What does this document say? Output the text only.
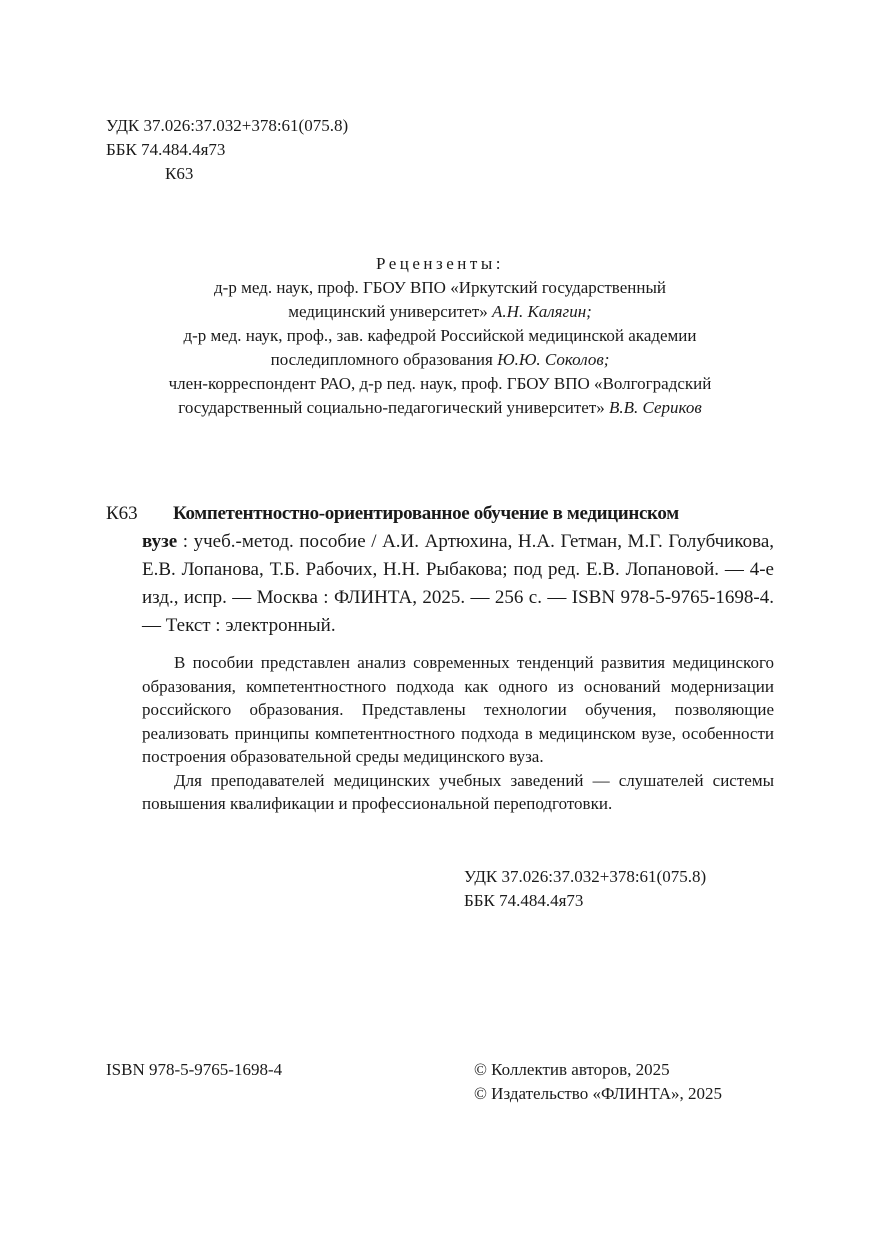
УДК 37.026:37.032+378:61(075.8)
ББК 74.484.4я73
К63
Рецензенты:
д-р мед. наук, проф. ГБОУ ВПО «Иркутский государственный
медицинский университет» А.Н. Калягин;
д-р мед. наук, проф., зав. кафедрой Российской медицинской академии
последипломного образования Ю.Ю. Соколов;
член-корреспондент РАО, д-р пед. наук, проф. ГБОУ ВПО «Волгоградский
государственный социально-педагогический университет» В.В. Сериков
К63	Компетентностно-ориентированное обучение в медицинском
вузе : учеб.-метод. пособие / А.И. Артюхина, Н.А. Гетман, М.Г. Голубчикова, Е.В. Лопанова, Т.Б. Рабочих, Н.Н. Рыбакова; под ред. Е.В. Лопановой. — 4-е изд., испр. — Москва : ФЛИНТА, 2025. — 256 с. — ISBN 978-5-9765-1698-4. — Текст : электронный.

В пособии представлен анализ современных тенденций развития медицинского образования, компетентностного подхода как одного из оснований модернизации российского образования. Представлены технологии обучения, позволяющие реализовать принципы компетентностного подхода в медицинском вузе, особенности построения образовательной среды медицинского вуза.

Для преподавателей медицинских учебных заведений — слушателей системы повышения квалификации и профессиональной переподготовки.

УДК 37.026:37.032+378:61(075.8)
ББК 74.484.4я73
ISBN 978-5-9765-1698-4	© Коллектив авторов, 2025
© Издательство «ФЛИНТА», 2025
